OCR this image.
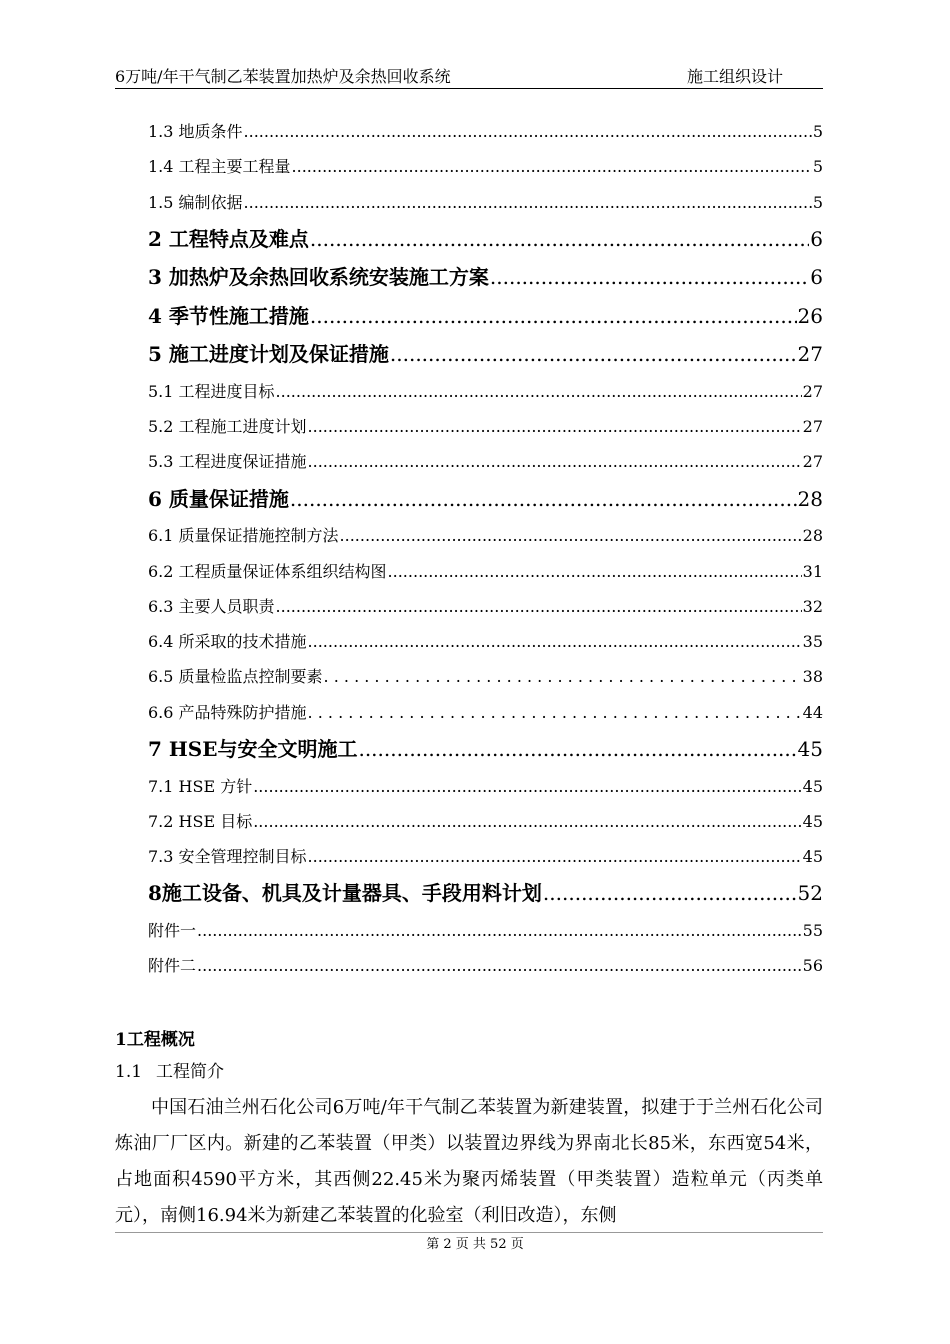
6万吨/年干气制乙苯装置加热炉及余热回收系统	施工组织设计
1.3 地质条件 .....	5
1.4 工程主要工程量 .....	5
1.5 编制依据 .....	5
2 工程特点及难点 .....	6
3 加热炉及余热回收系统安装施工方案 .....	6
4 季节性施工措施 .....	26
5 施工进度计划及保证措施 .....	27
5.1 工程进度目标 .....	27
5.2 工程施工进度计划 .....	27
5.3 工程进度保证措施 .....	27
6 质量保证措施 .....	28
6.1 质量保证措施控制方法 .....	28
6.2 工程质量保证体系组织结构图 .....	31
6.3 主要人员职责 .....	32
6.4 所采取的技术措施 .....	35
6.5 质量检监点控制要素 . . .	38
6.6 产品特殊防护措施 . . .	44
7 HSE与安全文明施工 .....	45
7.1 HSE 方针 .....	45
7.2 HSE 目标 .....	45
7.3 安全管理控制目标 .....	45
8施工设备、机具及计量器具、手段用料计划 .....	52
附件一 .....	55
附件二 .....	56
1工程概况
1.1 工程简介
中国石油兰州石化公司6万吨/年干气制乙苯装置为新建装置，拟建于于兰州石化公司炼油厂厂区内。新建的乙苯装置（甲类）以装置边界线为界南北长85米，东西宽54米，占地面积4590平方米，其西侧22.45米为聚丙烯装置（甲类装置）造粒单元（丙类单元），南侧16.94米为新建乙苯装置的化验室（利旧改造），东侧
第 2 页 共 52 页
